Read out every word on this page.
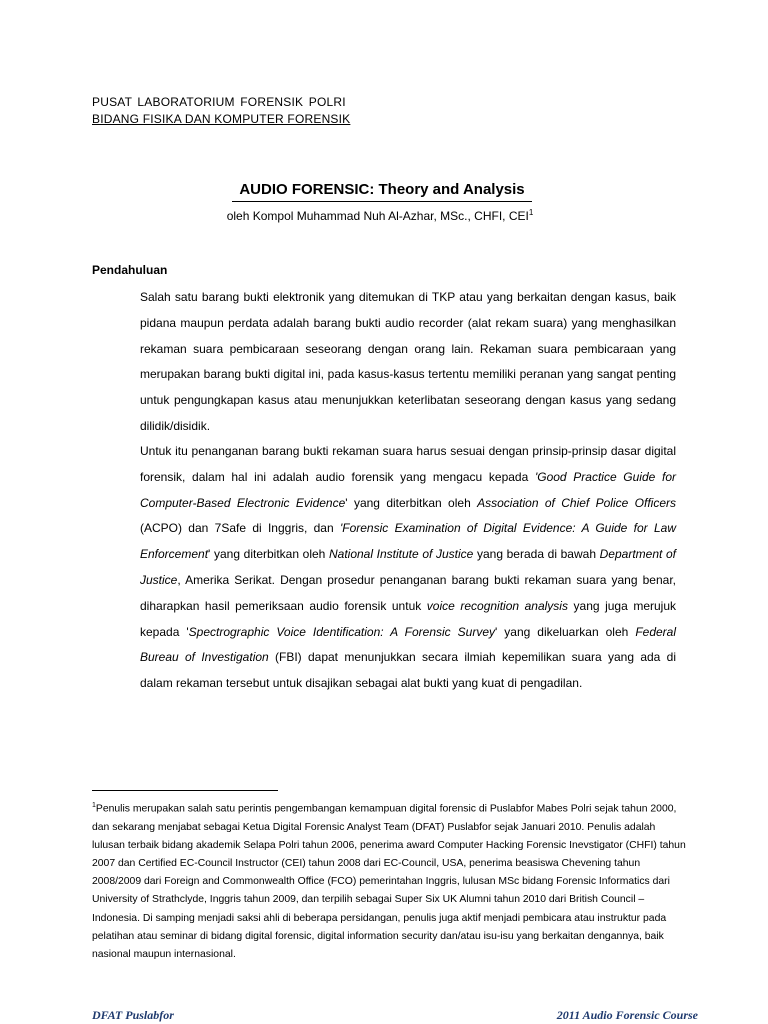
PUSAT LABORATORIUM FORENSIK POLRI
BIDANG FISIKA DAN KOMPUTER FORENSIK
AUDIO FORENSIC: Theory and Analysis
oleh Kompol Muhammad Nuh Al-Azhar, MSc., CHFI, CEI$^1$
Pendahuluan
Salah satu barang bukti elektronik yang ditemukan di TKP atau yang berkaitan dengan kasus, baik pidana maupun perdata adalah barang bukti audio recorder (alat rekam suara) yang menghasilkan rekaman suara pembicaraan seseorang dengan orang lain. Rekaman suara pembicaraan yang merupakan barang bukti digital ini, pada kasus-kasus tertentu memiliki peranan yang sangat penting untuk pengungkapan kasus atau menunjukkan keterlibatan seseorang dengan kasus yang sedang dilidik/disidik.
Untuk itu penanganan barang bukti rekaman suara harus sesuai dengan prinsip-prinsip dasar digital forensik, dalam hal ini adalah audio forensik yang mengacu kepada 'Good Practice Guide for Computer-Based Electronic Evidence' yang diterbitkan oleh Association of Chief Police Officers (ACPO) dan 7Safe di Inggris, dan 'Forensic Examination of Digital Evidence: A Guide for Law Enforcement' yang diterbitkan oleh National Institute of Justice yang berada di bawah Department of Justice, Amerika Serikat. Dengan prosedur penanganan barang bukti rekaman suara yang benar, diharapkan hasil pemeriksaan audio forensik untuk voice recognition analysis yang juga merujuk kepada 'Spectrographic Voice Identification: A Forensic Survey' yang dikeluarkan oleh Federal Bureau of Investigation (FBI) dapat menunjukkan secara ilmiah kepemilikan suara yang ada di dalam rekaman tersebut untuk disajikan sebagai alat bukti yang kuat di pengadilan.
$^1$Penulis merupakan salah satu perintis pengembangan kemampuan digital forensic di Puslabfor Mabes Polri sejak tahun 2000, dan sekarang menjabat sebagai Ketua Digital Forensic Analyst Team (DFAT) Puslabfor sejak Januari 2010. Penulis adalah lulusan terbaik bidang akademik Selapa Polri tahun 2006, penerima award Computer Hacking Forensic Inevstigator (CHFI) tahun 2007 dan Certified EC-Council Instructor (CEI) tahun 2008 dari EC-Council, USA, penerima beasiswa Chevening tahun 2008/2009 dari Foreign and Commonwealth Office (FCO) pemerintahan Inggris, lulusan MSc bidang Forensic Informatics dari University of Strathclyde, Inggris tahun 2009, dan terpilih sebagai Super Six UK Alumni tahun 2010 dari British Council – Indonesia. Di samping menjadi saksi ahli di beberapa persidangan, penulis juga aktif menjadi pembicara atau instruktur pada pelatihan atau seminar di bidang digital forensic, digital information security dan/atau isu-isu yang berkaitan dengannya, baik nasional maupun internasional.
DFAT Puslabfor	2011 Audio Forensic Course
